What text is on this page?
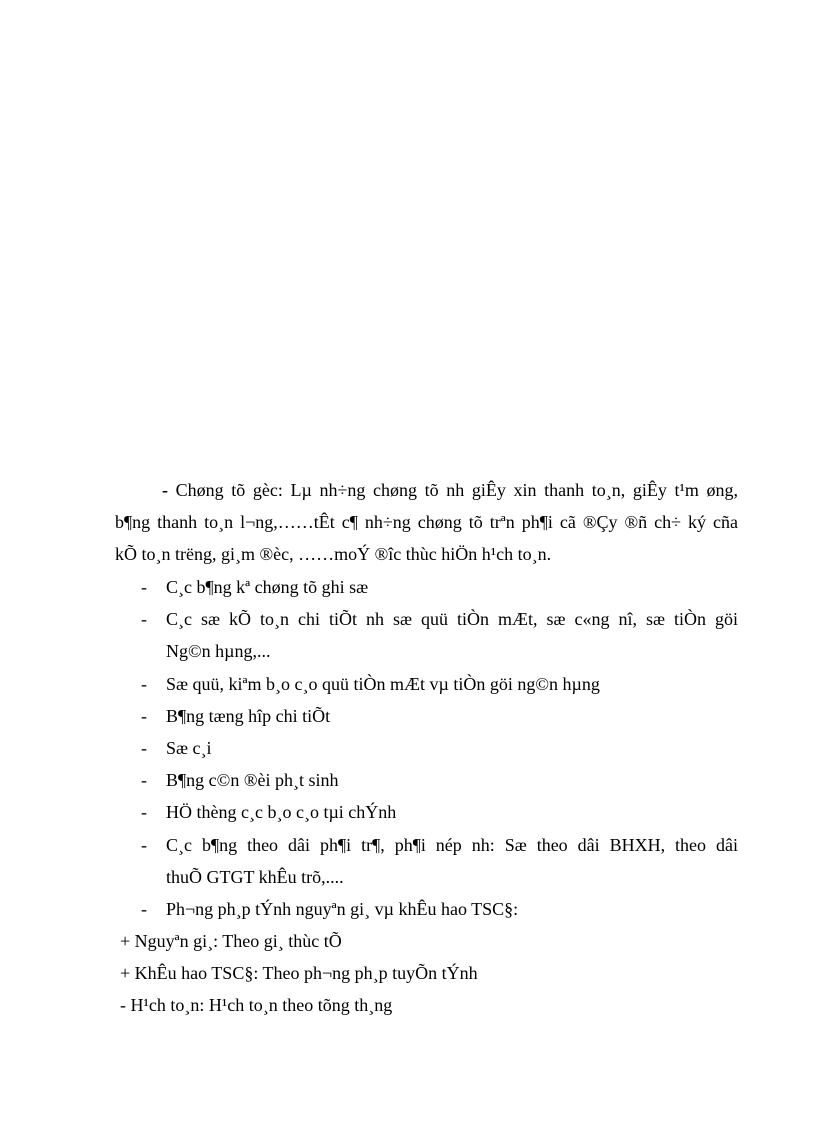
- Chøng tõ gèc: Lµ nh÷ng chøng tõ nh giÊy xin thanh to¸n, giÊy t¹m øng,
b¶ng thanh to¸n l¬ng,……tÊt c¶ nh÷ng chøng tõ trªn ph¶i cã ®Çy ®ñ ch÷ ký cña
kÕ to¸n trëng, gi¸m ®èc, ……moÝ ®îc thùc hiÖn h¹ch to¸n.
- C¸c b¶ng kª chøng tõ ghi sæ
- C¸c sæ kÕ to¸n chi tiÕt nh sæ quü tiÒn mÆt, sæ c«ng nî, sæ tiÒn göi
Ng©n hµng,...
- Sæ quü, kiªm b¸o c¸o quü tiÒn mÆt vµ tiÒn göi ng©n hµng
- B¶ng tæng hîp chi tiÕt
- Sæ c¸i
- B¶ng c©n ®èi ph¸t sinh
- HÖ thèng c¸c b¸o c¸o tµi chÝnh
- C¸c b¶ng theo dâi ph¶i tr¶, ph¶i nép nh: Sæ theo dâi BHXH, theo dâi
thuÕ GTGT khÊu trõ,....
- Ph¬ng ph¸p tÝnh nguyªn gi¸ vµ khÊu hao TSC§:
+ Nguyªn gi¸: Theo gi¸ thùc tÕ
+ KhÊu hao TSC§: Theo ph¬ng ph¸p tuyÕn tÝnh
- H¹ch to¸n: H¹ch to¸n theo tõng th¸ng
